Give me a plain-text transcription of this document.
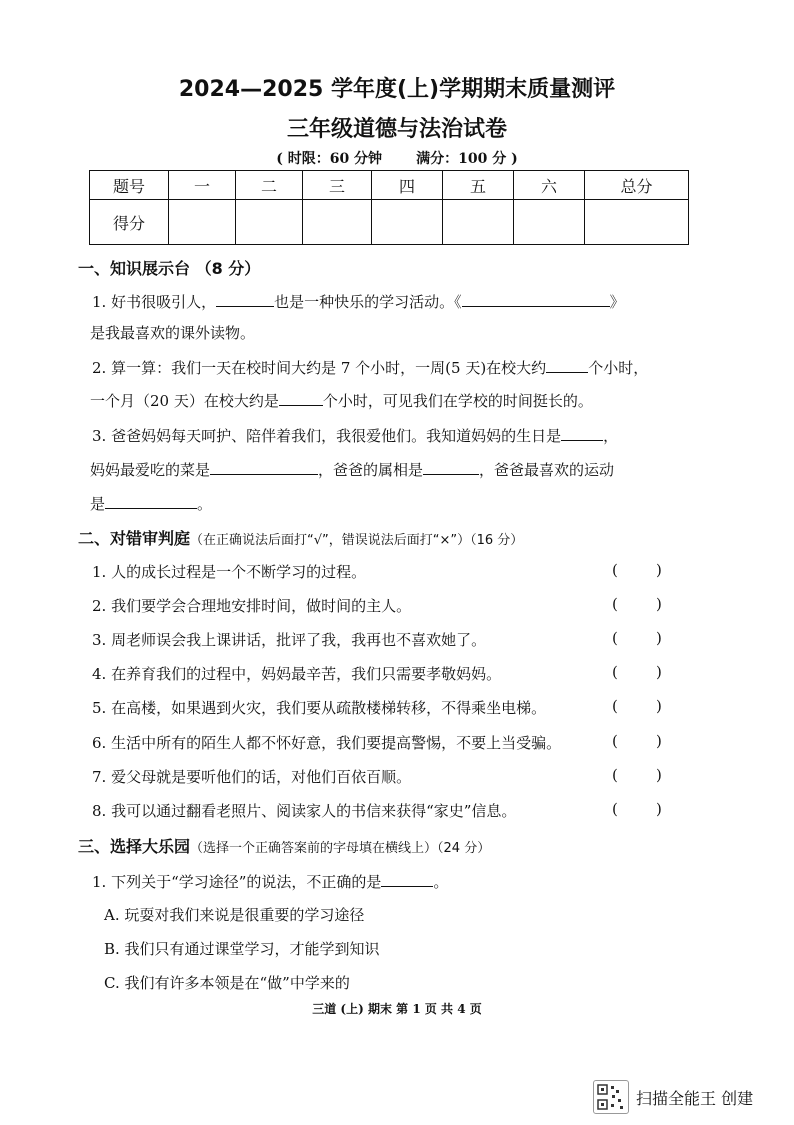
2024—2025 学年度(上)学期期末质量测评
三年级道德与法治试卷
( 时限：60 分钟       满分：100 分 )
题号	一	二	三	四	五	六	总分
得分							
一、知识展示台 （8 分）
1. 好书很吸引人，	也是一种快乐的学习活动。《	》
是我最喜欢的课外读物。
2. 算一算：我们一天在校时间大约是 7 个小时，一周(5 天)在校大约	个小时，
一个月（20 天）在校大约是	个小时，可见我们在学校的时间挺长的。
3. 爸爸妈妈每天呵护、陪伴着我们，我很爱他们。我知道妈妈的生日是	，
妈妈最爱吃的菜是	，爸爸的属相是	，爸爸最喜欢的运动
是	。
二、对错审判庭（在正确说法后面打“√”，错误说法后面打“×”）（16 分）
1. 人的成长过程是一个不断学习的过程。	(        )
2. 我们要学会合理地安排时间，做时间的主人。	(        )
3. 周老师误会我上课讲话，批评了我，我再也不喜欢她了。	(        )
4. 在养育我们的过程中，妈妈最辛苦，我们只需要孝敬妈妈。	(        )
5. 在高楼，如果遇到火灾，我们要从疏散楼梯转移，不得乘坐电梯。	(        )
6. 生活中所有的陌生人都不怀好意，我们要提高警惕，不要上当受骗。	(        )
7. 爱父母就是要听他们的话，对他们百依百顺。	(        )
8. 我可以通过翻看老照片、阅读家人的书信来获得“家史”信息。	(        )
三、选择大乐园（选择一个正确答案前的字母填在横线上）（24 分）
1. 下列关于“学习途径”的说法，不正确的是	。
A. 玩耍对我们来说是很重要的学习途径
B. 我们只有通过课堂学习，才能学到知识
C. 我们有许多本领是在“做”中学来的
三道 (上) 期末 第 1 页 共 4 页
扫描全能王 创建
